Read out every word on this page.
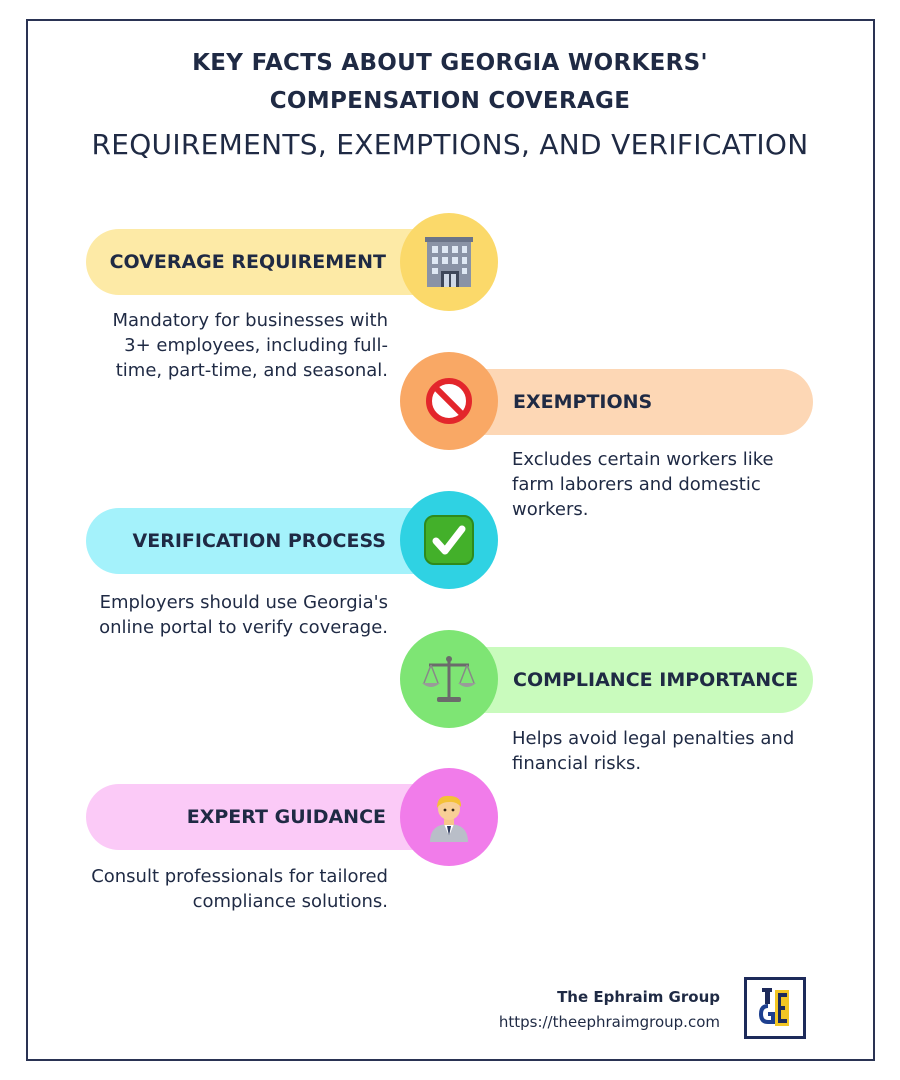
KEY FACTS ABOUT GEORGIA WORKERS'
COMPENSATION COVERAGE
REQUIREMENTS, EXEMPTIONS, AND VERIFICATION
COVERAGE REQUIREMENT
Mandatory for businesses with 3+ employees, including full-time, part-time, and seasonal.
EXEMPTIONS
Excludes certain workers like farm laborers and domestic workers.
VERIFICATION PROCESS
Employers should use Georgia's online portal to verify coverage.
COMPLIANCE IMPORTANCE
Helps avoid legal penalties and financial risks.
EXPERT GUIDANCE
Consult professionals for tailored compliance solutions.
The Ephraim Group
https://theephraimgroup.com
